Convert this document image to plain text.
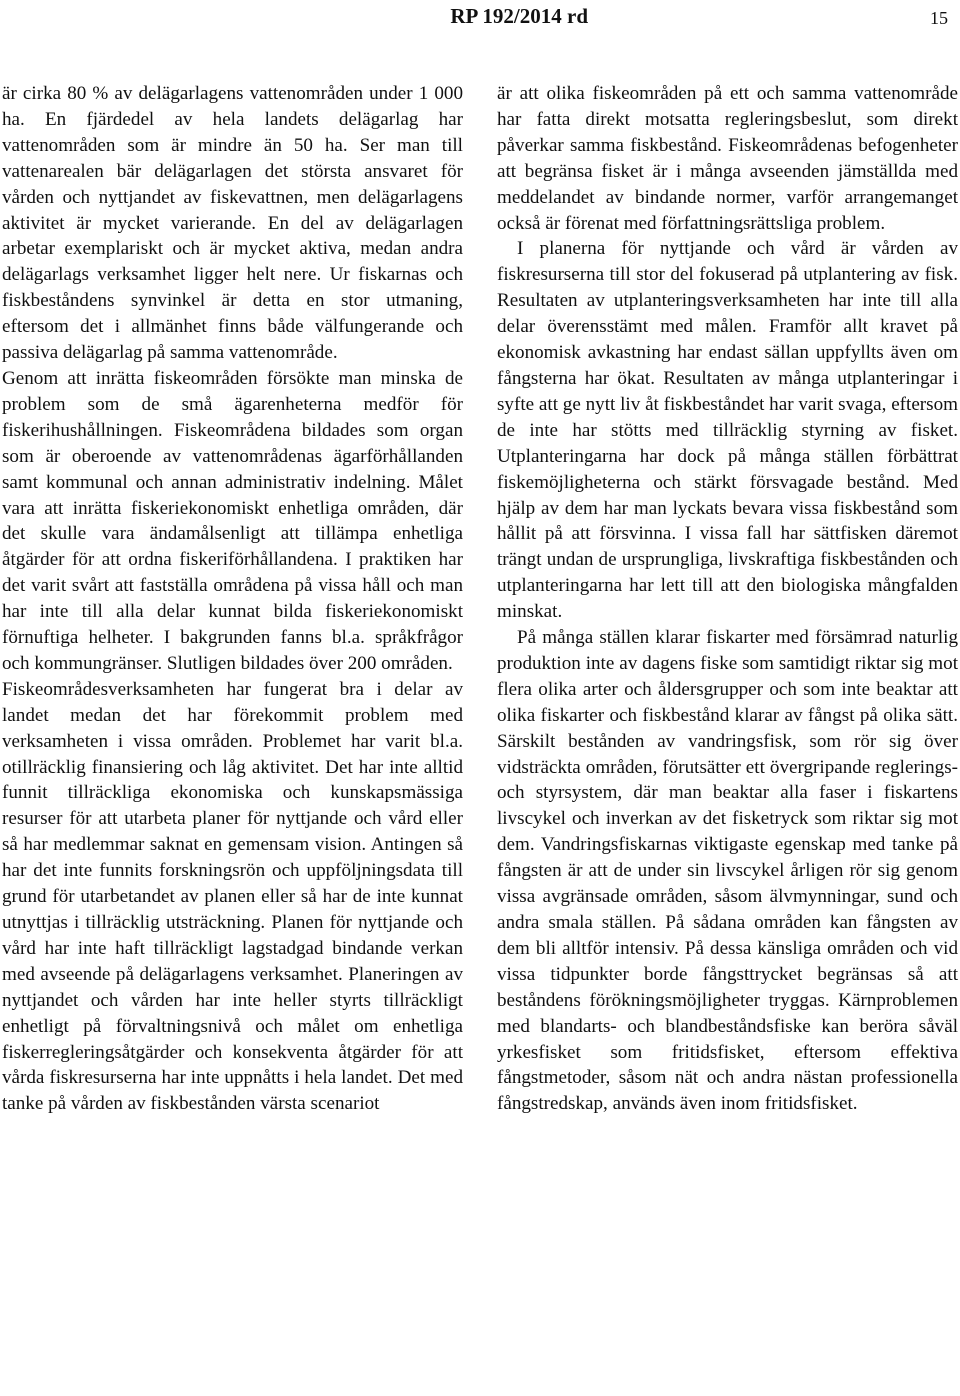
RP 192/2014 rd	15

är cirka 80 % av delägarlagens vattenområden under 1 000 ha. En fjärdedel av hela landets delägarlag har vattenområden som är mindre än 50 ha. Ser man till vattenarealen bär delägarlagen det största ansvaret för vården och nyttjandet av fiskevattnen, men delägarlagens aktivitet är mycket varierande. En del av delägarlagen arbetar exemplariskt och är mycket aktiva, medan andra delägarlags verksamhet ligger helt nere. Ur fiskarnas och fiskbeståndens synvinkel är detta en stor utmaning, eftersom det i allmänhet finns både välfungerande och passiva delägarlag på samma vattenområde.

Genom att inrätta fiskeområden försökte man minska de problem som de små ägarenheterna medför för fiskerihushållningen. Fiskeområdena bildades som organ som är oberoende av vattenområdenas ägarförhållanden samt kommunal och annan administrativ indelning. Målet vara att inrätta fiskeriekonomiskt enhetliga områden, där det skulle vara ändamålsenligt att tillämpa enhetliga åtgärder för att ordna fiskeriförhållandena. I praktiken har det varit svårt att fastställa områdena på vissa håll och man har inte till alla delar kunnat bilda fiskeriekonomiskt förnuftiga helheter. I bakgrunden fanns bl.a. språkfrågor och kommungränser. Slutligen bildades över 200 områden.

Fiskeområdesverksamheten har fungerat bra i delar av landet medan det har förekommit problem med verksamheten i vissa områden. Problemet har varit bl.a. otillräcklig finansiering och låg aktivitet. Det har inte alltid funnit tillräckliga ekonomiska och kunskapsmässiga resurser för att utarbeta planer för nyttjande och vård eller så har medlemmar saknat en gemensam vision. Antingen så har det inte funnits forskningsrön och uppföljningsdata till grund för utarbetandet av planen eller så har de inte kunnat utnyttjas i tillräcklig utsträckning. Planen för nyttjande och vård har inte haft tillräckligt lagstadgad bindande verkan med avseende på delägarlagens verksamhet. Planeringen av nyttjandet och vården har inte heller styrts tillräckligt enhetligt på förvaltningsnivå och målet om enhetliga fiskerregleringsåtgärder och konsekventa åtgärder för att vårda fiskresurserna har inte uppnåtts i hela landet. Det med tanke på vården av fiskbestånden värsta scenariot

är att olika fiskeområden på ett och samma vattenområde har fatta direkt motsatta regleringsbeslut, som direkt påverkar samma fiskbestånd. Fiskeområdenas befogenheter att begränsa fisket är i många avseenden jämställda med meddelandet av bindande normer, varför arrangemanget också är förenat med författningsrättsliga problem.

I planerna för nyttjande och vård är vården av fiskresurserna till stor del fokuserad på utplantering av fisk. Resultaten av utplanteringsverksamheten har inte till alla delar överensstämt med målen. Framför allt kravet på ekonomisk avkastning har endast sällan uppfyllts även om fångsterna har ökat. Resultaten av många utplanteringar i syfte att ge nytt liv åt fiskbeståndet har varit svaga, eftersom de inte har stötts med tillräcklig styrning av fisket. Utplanteringarna har dock på många ställen förbättrat fiskemöjligheterna och stärkt försvagade bestånd. Med hjälp av dem har man lyckats bevara vissa fiskbestånd som hållit på att försvinna. I vissa fall har sättfisken däremot trängt undan de ursprungliga, livskraftiga fiskbestånden och utplanteringarna har lett till att den biologiska mångfalden minskat.

På många ställen klarar fiskarter med försämrad naturlig produktion inte av dagens fiske som samtidigt riktar sig mot flera olika arter och åldersgrupper och som inte beaktar att olika fiskarter och fiskbestånd klarar av fångst på olika sätt. Särskilt bestånden av vandringsfisk, som rör sig över vidsträckta områden, förutsätter ett övergripande reglerings- och styrsystem, där man beaktar alla faser i fiskartens livscykel och inverkan av det fisketryck som riktar sig mot dem. Vandringsfiskarnas viktigaste egenskap med tanke på fångsten är att de under sin livscykel årligen rör sig genom vissa avgränsade områden, såsom älvmynningar, sund och andra smala ställen. På sådana områden kan fångsten av dem bli alltför intensiv. På dessa känsliga områden och vid vissa tidpunkter borde fångsttrycket begränsas så att beståndens förökningsmöjligheter tryggas. Kärnproblemen med blandarts- och blandbeståndsfiske kan beröra såväl yrkesfisket som fritidsfisket, eftersom effektiva fångstmetoder, såsom nät och andra nästan professionella fångstredskap, används även inom fritidsfisket.
